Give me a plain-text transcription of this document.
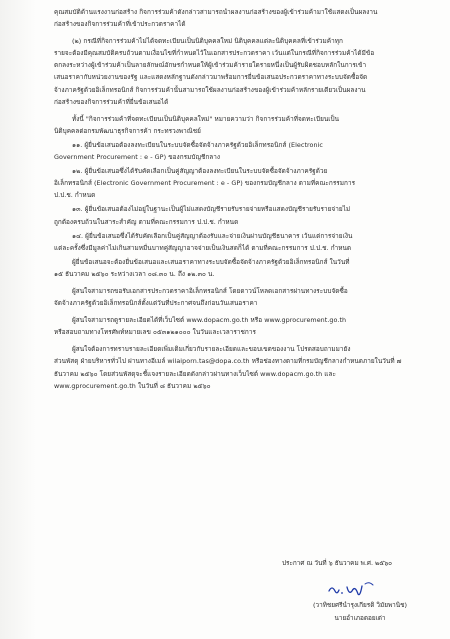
คุณสมบัติด้านแรงงานก่อสร้าง กิจการร่วมค้าดังกล่าวสามารถนำผลงานก่อสร้างของผู้เข้าร่วมค้ามาใช้แสดงเป็นผลงาน
ก่อสร้างของกิจการร่วมค้าที่เข้าประกวดราคาได้
(๒) กรณีที่กิจการร่วมค้าไม่ได้จดทะเบียนเป็นนิติบุคคลใหม่ นิติบุคคลแต่ละนิติบุคคลที่เข้าร่วมค้าทุก
รายจะต้องมีคุณสมบัติครบถ้วนตามเงื่อนไขที่กำหนดไว้ในเอกสารประกวดราคา เว้นแต่ในกรณีที่กิจการร่วมค้าได้มีข้อ
ตกลงระหว่างผู้เข้าร่วมค้าเป็นลายลักษณ์อักษรกำหนดให้ผู้เข้าร่วมค้ารายใดรายหนึ่งเป็นผู้รับผิดชอบหลักในการเข้า
เสนอราคากับหน่วยงานของรัฐ และแสดงหลักฐานดังกล่าวมาพร้อมการยื่นข้อเสนอประกวดราคาทางระบบจัดซื้อจัด
จ้างภาครัฐด้วยอิเล็กทรอนิกส์ กิจการร่วมค้านั้นสามารถใช้ผลงานก่อสร้างของผู้เข้าร่วมค้าหลักรายเดียวเป็นผลงาน
ก่อสร้างของกิจการร่วมค้าที่ยื่นข้อเสนอได้
ทั้งนี้ "กิจการร่วมค้าที่จดทะเบียนเป็นนิติบุคคลใหม่" หมายความว่า กิจการร่วมค้าที่จดทะเบียนเป็น
นิติบุคคลต่อกรมพัฒนาธุรกิจการค้า กระทรวงพาณิชย์
๑๑. ผู้ยื่นข้อเสนอต้องลงทะเบียนในระบบจัดซื้อจัดจ้างภาครัฐด้วยอิเล็กทรอนิกส์ (Electronic
Government Procurement : e - GP) ของกรมบัญชีกลาง
๑๒. ผู้ยื่นข้อเสนอซึ่งได้รับคัดเลือกเป็นคู่สัญญาต้องลงทะเบียนในระบบจัดซื้อจัดจ้างภาครัฐด้วย
อิเล็กทรอนิกส์ (Electronic Government Procurement : e - GP) ของกรมบัญชีกลาง ตามที่คณะกรรมการ
ป.ป.ช. กำหนด
๑๓. ผู้ยื่นข้อเสนอต้องไม่อยู่ในฐานะเป็นผู้ไม่แสดงบัญชีรายรับรายจ่ายหรือแสดงบัญชีรายรับรายจ่ายไม่
ถูกต้องครบถ้วนในสาระสำคัญ ตามที่คณะกรรมการ ป.ป.ช. กำหนด
๑๔. ผู้ยื่นข้อเสนอซึ่งได้รับคัดเลือกเป็นคู่สัญญาต้องรับและจ่ายเงินผ่านบัญชีธนาคาร เว้นแต่การจ่ายเงิน
แต่ละครั้งซึ่งมีมูลค่าไม่เกินสามหมื่นบาทคู่สัญญาอาจจ่ายเป็นเงินสดก็ได้ ตามที่คณะกรรมการ ป.ป.ช. กำหนด
ผู้ยื่นข้อเสนอจะต้องยื่นข้อเสนอและเสนอราคาทางระบบจัดซื้อจัดจ้างภาครัฐด้วยอิเล็กทรอนิกส์ ในวันที่
๑๕ ธันวาคม ๒๕๖๐ ระหว่างเวลา ๐๘.๓๐ น. ถึง ๑๒.๓๐ น.
ผู้สนใจสามารถขอรับเอกสารประกวดราคาอิเล็กทรอนิกส์ โดยดาวน์โหลดเอกสารผ่านทางระบบจัดซื้อ
จัดจ้างภาครัฐด้วยอิเล็กทรอนิกส์ตั้งแต่วันที่ประกาศจนถึงก่อนวันเสนอราคา
ผู้สนใจสามารถดูรายละเอียดได้ที่เว็บไซต์ www.dopacm.go.th หรือ www.gprocurement.go.th
หรือสอบถามทางโทรศัพท์หมายเลข ๐๕๓๑๒๑๐๐๐ ในวันและเวลาราชการ
ผู้สนใจต้องการทราบรายละเอียดเพิ่มเติมเกี่ยวกับรายละเอียดและขอบเขตของงาน โปรดสอบถามมายัง
ส่วนพัสดุ ฝ่ายบริหารทั่วไป ผ่านทางอีเมล์ wilaiporn.tas@dopa.co.th หรือช่องทางตามที่กรมบัญชีกลางกำหนดภายในวันที่ ๗
ธันวาคม ๒๕๖๐ โดยส่วนพัสดุจะชี้แจงรายละเอียดดังกล่าวผ่านทางเว็บไซต์ www.dopacm.go.th และ
www.gprocurement.go.th ในวันที่ ๘ ธันวาคม ๒๕๖๐
ประกาศ ณ วันที่ ๖ ธันวาคม พ.ศ. ๒๕๖๐
(วาทิชยศรีนำรุงเกียรติ วิมัยพานิช)
นายอำเภอดอยเต่า
